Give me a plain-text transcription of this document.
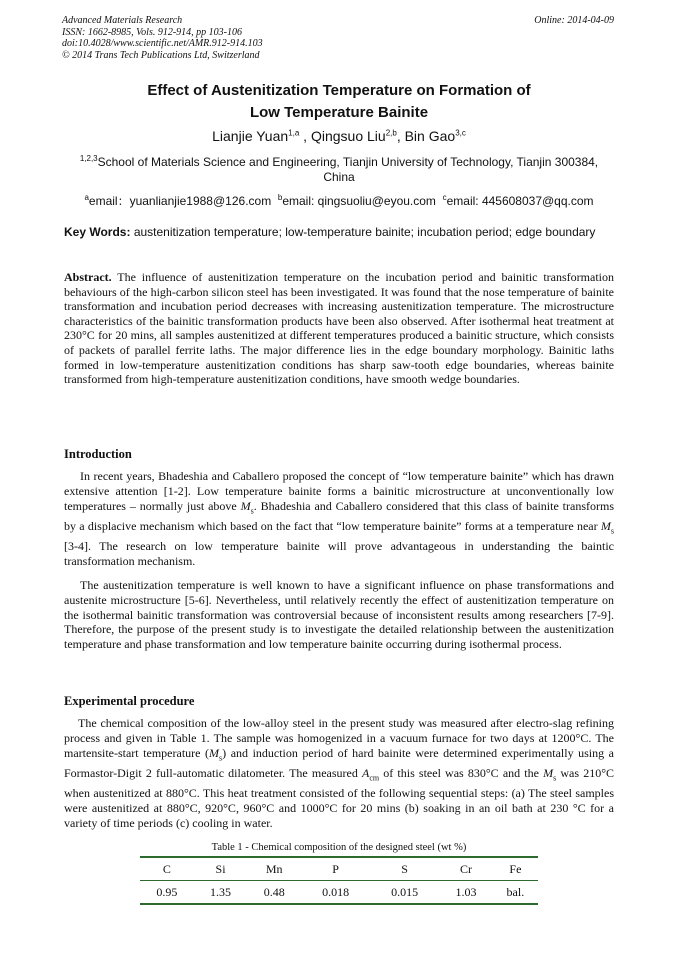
Advanced Materials Research
ISSN: 1662-8985, Vols. 912-914, pp 103-106
doi:10.4028/www.scientific.net/AMR.912-914.103
© 2014 Trans Tech Publications Ltd, Switzerland
Online: 2014-04-09
Effect of Austenitization Temperature on Formation of
Low Temperature Bainite
Lianjie Yuan$^{1,a}$ , Qingsuo Liu$^{2,b}$, Bin Gao$^{3,c}$
$^{1,2,3}$School of Materials Science and Engineering, Tianjin University of Technology, Tianjin 300384, China
$^a$email：yuanlianjie1988@126.com $^b$email: qingsuoliu@eyou.com $^c$email: 445608037@qq.com
Key Words: austenitization temperature; low-temperature bainite; incubation period; edge boundary
Abstract. The influence of austenitization temperature on the incubation period and bainitic transformation behaviours of the high-carbon silicon steel has been investigated. It was found that the nose temperature of bainite transformation and incubation period decreases with increasing austenitization temperature. The microstructure characteristics of the bainitic transformation products have been also observed. After isothermal heat treatment at 230°C for 20 mins, all samples austenitized at different temperatures produced a bainitic structure, which consists of packets of parallel ferrite laths. The major difference lies in the edge boundary morphology. Bainitic laths formed in low-temperature austenitization conditions has sharp saw-tooth edge boundaries, whereas bainite transformed from high-temperature austenitization conditions, have smooth wedge boundaries.
Introduction
In recent years, Bhadeshia and Caballero proposed the concept of “low temperature bainite” which has drawn extensive attention [1-2]. Low temperature bainite forms a bainitic microstructure at unconventionally low temperatures – normally just above $M_s$. Bhadeshia and Caballero considered that this class of bainite transforms by a displacive mechanism which based on the fact that “low temperature bainite” forms at a temperature near $M_s$ [3-4]. The research on low temperature bainite will prove advantageous in understanding the baintic transformation mechanism.
The austenitization temperature is well known to have a significant influence on phase transformations and austenite microstructure [5-6]. Nevertheless, until relatively recently the effect of austenitization temperature on the isothermal bainitic transformation was controversial because of inconsistent results among researchers [7-9]. Therefore, the purpose of the present study is to investigate the detailed relationship between the austenitization temperature and phase transformation and low temperature bainite occurring during isothermal process.
Experimental procedure
The chemical composition of the low-alloy steel in the present study was measured after electro-slag refining process and given in Table 1. The sample was homogenized in a vacuum furnace for two days at 1200°C. The martensite-start temperature $(M_s)$ and induction period of hard bainite were determined experimentally using a Formastor-Digit 2 full-automatic dilatometer. The measured $A_{cm}$ of this steel was 830°C and the $M_s$ was 210°C when austenitized at 880°C. This heat treatment consisted of the following sequential steps: (a) The steel samples were austenitized at 880°C, 920°C, 960°C and 1000°C for 20 mins (b) soaking in an oil bath at 230 °C for a variety of time periods (c) cooling in water.
Table 1 - Chemical composition of the designed steel (wt %)
C	Si	Mn	P	S	Cr	Fe
0.95	1.35	0.48	0.018	0.015	1.03	bal.
